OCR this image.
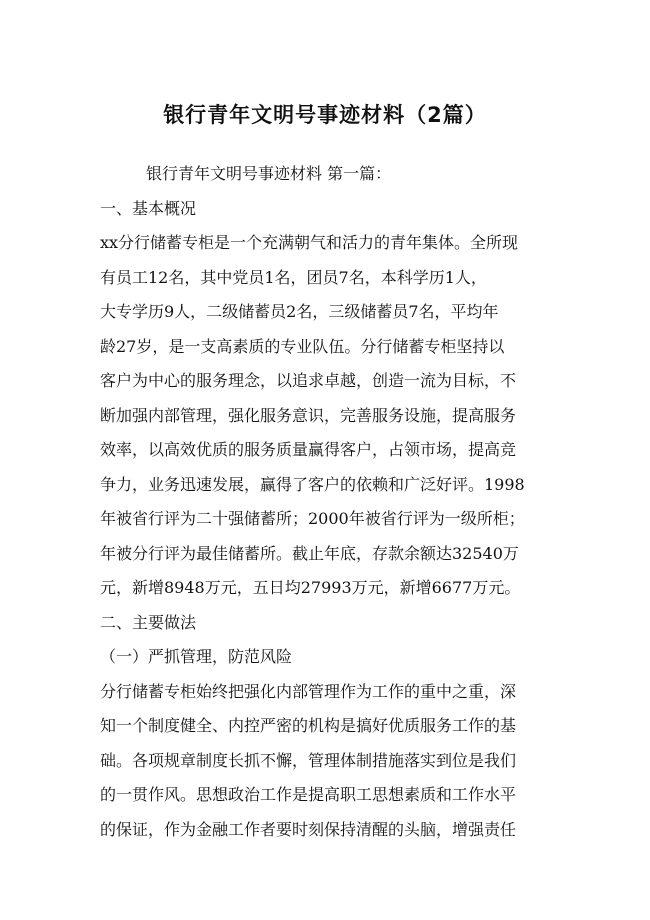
银行青年文明号事迹材料（2篇）
银行青年文明号事迹材料 第一篇：
一、基本概况
xx分行储蓄专柜是一个充满朝气和活力的青年集体。全所现
有员工12名，其中党员1名，团员7名，本科学历1人，
大专学历9人，二级储蓄员2名，三级储蓄员7名，平均年
龄27岁，是一支高素质的专业队伍。分行储蓄专柜坚持以
客户为中心的服务理念，以追求卓越，创造一流为目标，不
断加强内部管理，强化服务意识，完善服务设施，提高服务
效率，以高效优质的服务质量赢得客户，占领市场，提高竞
争力，业务迅速发展，赢得了客户的依赖和广泛好评。1998
年被省行评为二十强储蓄所；2000年被省行评为一级所柜；
年被分行评为最佳储蓄所。截止年底，存款余额达32540万
元，新增8948万元，五日均27993万元，新增6677万元。
二、主要做法
（一）严抓管理，防范风险
分行储蓄专柜始终把强化内部管理作为工作的重中之重，深
知一个制度健全、内控严密的机构是搞好优质服务工作的基
础。各项规章制度长抓不懈，管理体制措施落实到位是我们
的一贯作风。思想政治工作是提高职工思想素质和工作水平
的保证，作为金融工作者要时刻保持清醒的头脑，增强责任
